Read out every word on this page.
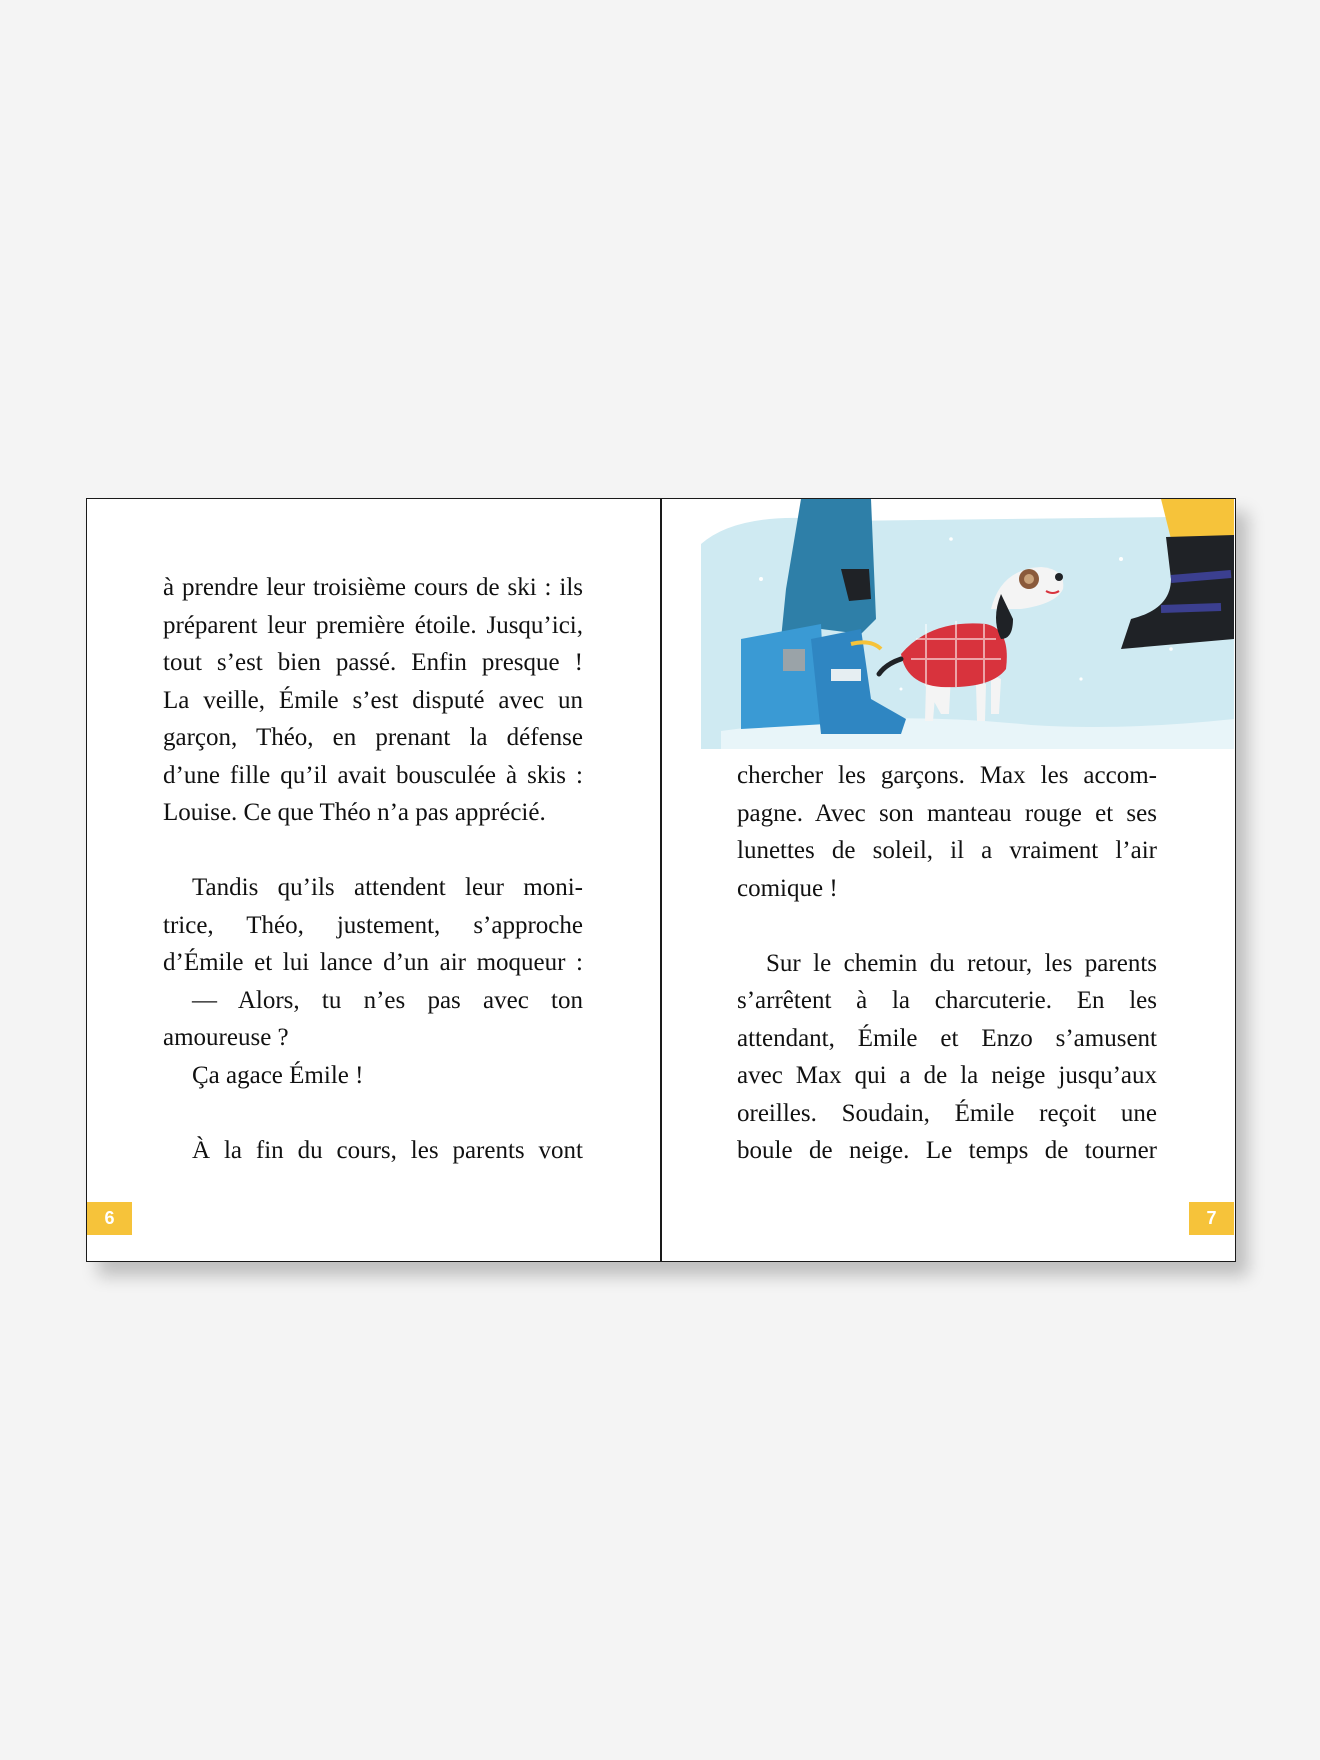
à prendre leur troisième cours de ski : ils

préparent leur première étoile. Jusqu’ici,

tout s’est bien passé. Enfin presque !

La veille, Émile s’est disputé avec un

garçon, Théo, en prenant la défense

d’une fille qu’il avait bousculée à skis :

Louise. Ce que Théo n’a pas apprécié.

Tandis qu’ils attendent leur moni-

trice, Théo, justement, s’approche

d’Émile et lui lance d’un air moqueur :

— Alors, tu n’es pas avec ton

amoureuse ?

Ça agace Émile !

À la fin du cours, les parents vont

6

chercher les garçons. Max les accom-

pagne. Avec son manteau rouge et ses

lunettes de soleil, il a vraiment l’air

comique !

Sur le chemin du retour, les parents

s’arrêtent à la charcuterie. En les

attendant, Émile et Enzo s’amusent

avec Max qui a de la neige jusqu’aux

oreilles. Soudain, Émile reçoit une

boule de neige. Le temps de tourner

7
